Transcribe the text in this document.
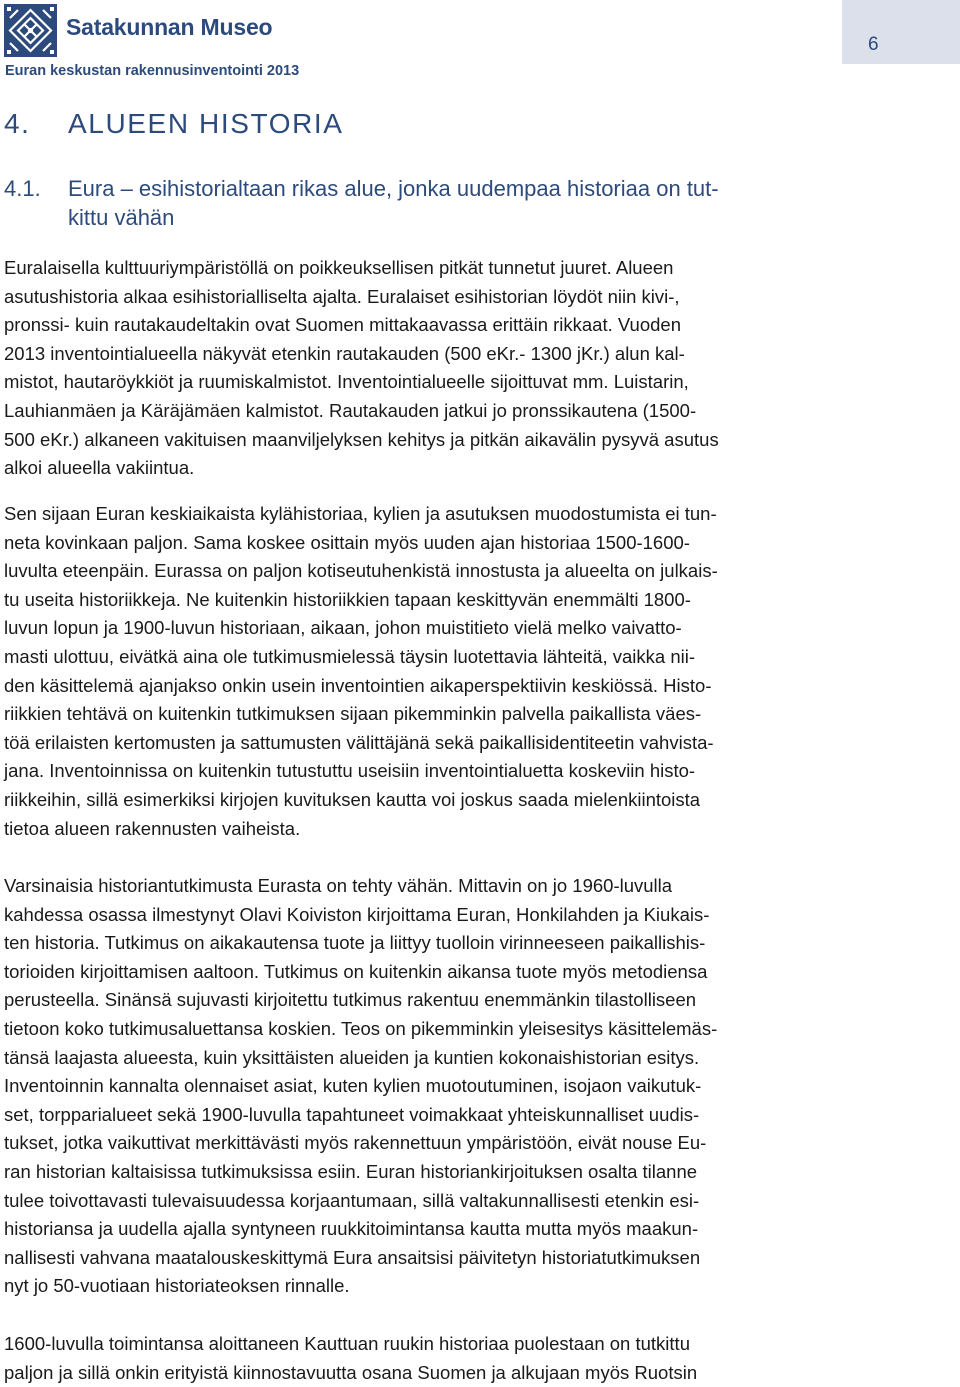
Satakunnan Museo
Euran keskustan rakennusinventointi 2013
6
4. ALUEEN HISTORIA
4.1. Eura – esihistorialtaan rikas alue, jonka uudempaa historiaa on tut-
kittu vähän
Euralaisella kulttuuriympäristöllä on poikkeuksellisen pitkät tunnetut juuret. Alueen
asutushistoria alkaa esihistorialliselta ajalta. Euralaiset esihistorian löydöt niin kivi-,
pronssi- kuin rautakaudeltakin ovat Suomen mittakaavassa erittäin rikkaat. Vuoden
2013 inventointialueella näkyvät etenkin rautakauden (500 eKr.- 1300 jKr.) alun kal-
mistot, hautaröykkiöt ja ruumiskalmistot. Inventointialueelle sijoittuvat mm. Luistarin,
Lauhianmäen ja Käräjämäen kalmistot. Rautakauden jatkui jo pronssikautena (1500-
500 eKr.) alkaneen vakituisen maanviljelyksen kehitys ja pitkän aikavälin pysyvä asutus
alkoi alueella vakiintua.
Sen sijaan Euran keskiaikaista kylähistoriaa, kylien ja asutuksen muodostumista ei tun-
neta kovinkaan paljon. Sama koskee osittain myös uuden ajan historiaa 1500-1600-
luvulta eteenpäin. Eurassa on paljon kotiseutuhenkistä innostusta ja alueelta on julkais-
tu useita historiikkeja. Ne kuitenkin historiikkien tapaan keskittyvän enemmälti 1800-
luvun lopun ja 1900-luvun historiaan, aikaan, johon muistitieto vielä melko vaivatto-
masti ulottuu, eivätkä aina ole tutkimusmielessä täysin luotettavia lähteitä, vaikka nii-
den käsittelemä ajanjakso onkin usein inventointien aikaperspektiivin keskiössä. Histo-
riikkien tehtävä on kuitenkin tutkimuksen sijaan pikemminkin palvella paikallista väes-
töä erilaisten kertomusten ja sattumusten välittäjänä sekä paikallisidentiteetin vahvista-
jana. Inventoinnissa on kuitenkin tutustuttu useisiin inventointialuetta koskeviin histo-
riikkeihin, sillä esimerkiksi kirjojen kuvituksen kautta voi joskus saada mielenkiintoista
tietoa alueen rakennusten vaiheista.
Varsinaisia historiantutkimusta Eurasta on tehty vähän. Mittavin on jo 1960-luvulla
kahdessa osassa ilmestynyt Olavi Koiviston kirjoittama Euran, Honkilahden ja Kiukais-
ten historia. Tutkimus on aikakautensa tuote ja liittyy tuolloin virinneeseen paikallishis-
torioiden kirjoittamisen aaltoon. Tutkimus on kuitenkin aikansa tuote myös metodiensa
perusteella. Sinänsä sujuvasti kirjoitettu tutkimus rakentuu enemmänkin tilastolliseen
tietoon koko tutkimusaluettansa koskien. Teos on pikemminkin yleisesitys käsittelemäs-
tänsä laajasta alueesta, kuin yksittäisten alueiden ja kuntien kokonaishistorian esitys.
Inventoinnin kannalta olennaiset asiat, kuten kylien muotoutuminen, isojaon vaikutuk-
set, torpparialueet sekä 1900-luvulla tapahtuneet voimakkaat yhteiskunnalliset uudis-
tukset, jotka vaikuttivat merkittävästi myös rakennettuun ympäristöön, eivät nouse Eu-
ran historian kaltaisissa tutkimuksissa esiin. Euran historiankirjoituksen osalta tilanne
tulee toivottavasti tulevaisuudessa korjaantumaan, sillä valtakunnallisesti etenkin esi-
historiansa ja uudella ajalla syntyneen ruukkitoimintansa kautta mutta myös maakun-
nallisesti vahvana maatalouskeskittymä Eura ansaitsisi päivitetyn historiatutkimuksen
nyt jo 50-vuotiaan historiateoksen rinnalle.
1600-luvulla toimintansa aloittaneen Kauttuan ruukin historiaa puolestaan on tutkittu
paljon ja sillä onkin erityistä kiinnostavuutta osana Suomen ja alkujaan myös Ruotsin
